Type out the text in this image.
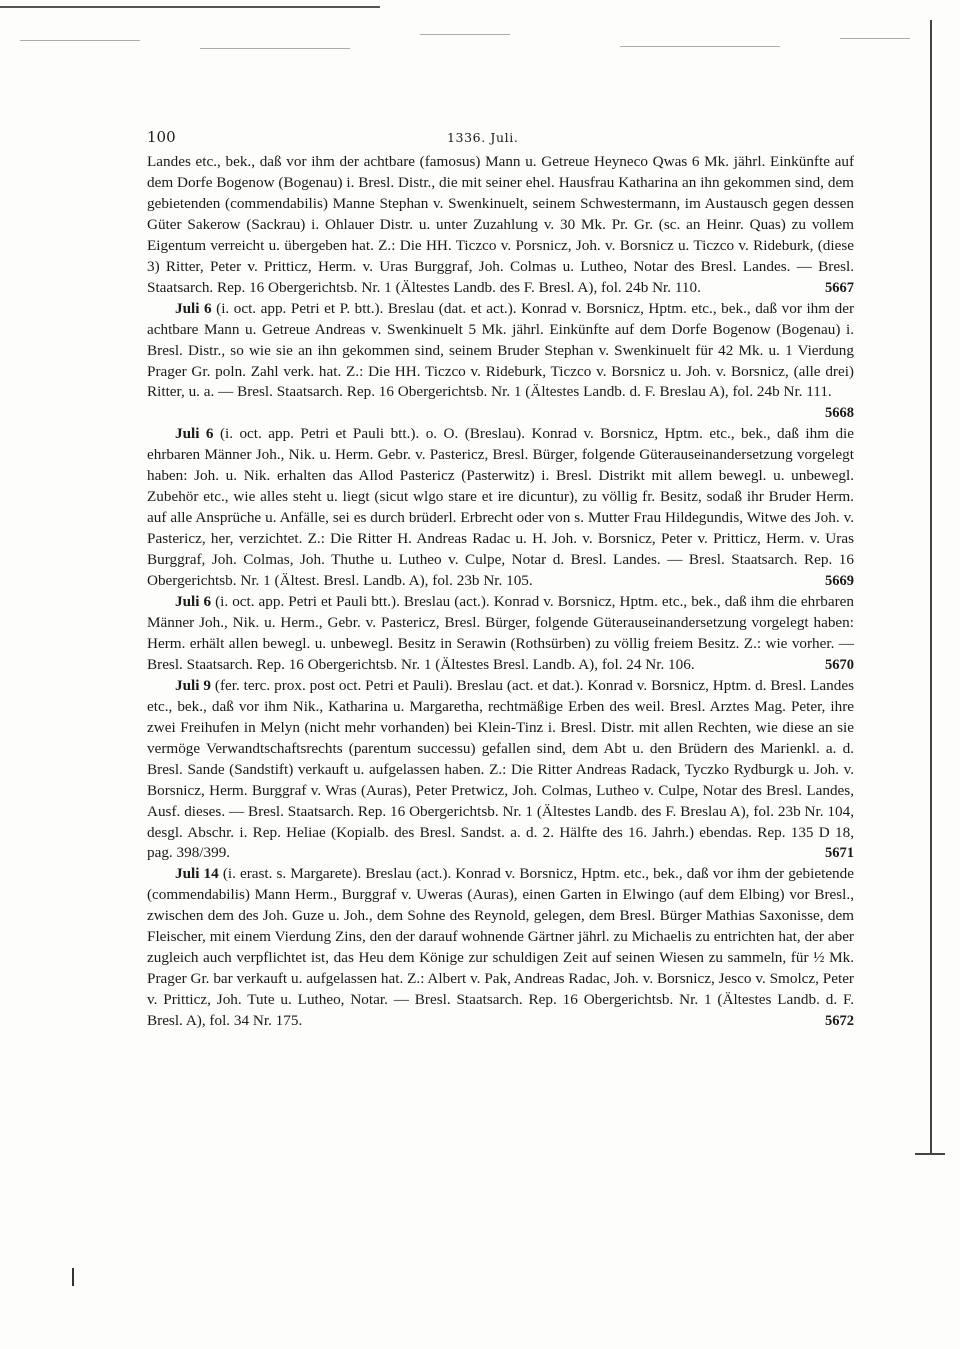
100	1336. Juli.

Landes etc., bek., daß vor ihm der achtbare (famosus) Mann u. Getreue Heyneco Qwas 6 Mk. jährl. Einkünfte auf dem Dorfe Bogenow (Bogenau) i. Bresl. Distr., die mit seiner ehel. Hausfrau Katharina an ihn gekommen sind, dem gebietenden (commendabilis) Manne Stephan v. Swenkinuelt, seinem Schwestermann, im Austausch gegen dessen Güter Sakerow (Sackrau) i. Ohlauer Distr. u. unter Zuzahlung v. 30 Mk. Pr. Gr. (sc. an Heinr. Quas) zu vollem Eigentum verreicht u. übergeben hat. Z.: Die HH. Ticzco v. Porsnicz, Joh. v. Borsnicz u. Ticzco v. Rideburk, (diese 3) Ritter, Peter v. Pritticz, Herm. v. Uras Burggraf, Joh. Colmas u. Lutheo, Notar des Bresl. Landes. — Bresl. Staatsarch. Rep. 16 Obergerichtsb. Nr. 1 (Ältestes Landb. des F. Bresl. A), fol. 24b Nr. 110.	5667

Juli 6 (i. oct. app. Petri et P. btt.). Breslau (dat. et act.). Konrad v. Borsnicz, Hptm. etc., bek., daß vor ihm der achtbare Mann u. Getreue Andreas v. Swenkinuelt 5 Mk. jährl. Einkünfte auf dem Dorfe Bogenow (Bogenau) i. Bresl. Distr., so wie sie an ihn gekommen sind, seinem Bruder Stephan v. Swenkinuelt für 42 Mk. u. 1 Vierdung Prager Gr. poln. Zahl verk. hat. Z.: Die HH. Ticzco v. Rideburk, Ticzco v. Borsnicz u. Joh. v. Borsnicz, (alle drei) Ritter, u. a. — Bresl. Staatsarch. Rep. 16 Obergerichtsb. Nr. 1 (Ältestes Landb. d. F. Breslau A), fol. 24b Nr. 111.
5668

Juli 6 (i. oct. app. Petri et Pauli btt.). o. O. (Breslau). Konrad v. Borsnicz, Hptm. etc., bek., daß ihm die ehrbaren Männer Joh., Nik. u. Herm. Gebr. v. Pastericz, Bresl. Bürger, folgende Güterauseinandersetzung vorgelegt haben: Joh. u. Nik. erhalten das Allod Pastericz (Pasterwitz) i. Bresl. Distrikt mit allem bewegl. u. unbewegl. Zubehör etc., wie alles steht u. liegt (sicut wlgo stare et ire dicuntur), zu völlig fr. Besitz, sodaß ihr Bruder Herm. auf alle Ansprüche u. Anfälle, sei es durch brüderl. Erbrecht oder von s. Mutter Frau Hildegundis, Witwe des Joh. v. Pastericz, her, verzichtet. Z.: Die Ritter H. Andreas Radac u. H. Joh. v. Borsnicz, Peter v. Pritticz, Herm. v. Uras Burggraf, Joh. Colmas, Joh. Thuthe u. Lutheo v. Culpe, Notar d. Bresl. Landes. — Bresl. Staatsarch. Rep. 16 Obergerichtsb. Nr. 1 (Ältest. Bresl. Landb. A), fol. 23b Nr. 105.	5669

Juli 6 (i. oct. app. Petri et Pauli btt.). Breslau (act.). Konrad v. Borsnicz, Hptm. etc., bek., daß ihm die ehrbaren Männer Joh., Nik. u. Herm., Gebr. v. Pastericz, Bresl. Bürger, folgende Güterauseinandersetzung vorgelegt haben: Herm. erhält allen bewegl. u. unbewegl. Besitz in Serawin (Rothsürben) zu völlig freiem Besitz. Z.: wie vorher. — Bresl. Staatsarch. Rep. 16 Obergerichtsb. Nr. 1 (Ältestes Bresl. Landb. A), fol. 24 Nr. 106.	5670

Juli 9 (fer. terc. prox. post oct. Petri et Pauli). Breslau (act. et dat.). Konrad v. Borsnicz, Hptm. d. Bresl. Landes etc., bek., daß vor ihm Nik., Katharina u. Margaretha, rechtmäßige Erben des weil. Bresl. Arztes Mag. Peter, ihre zwei Freihufen in Melyn (nicht mehr vorhanden) bei Klein-Tinz i. Bresl. Distr. mit allen Rechten, wie diese an sie vermöge Verwandtschaftsrechts (parentum successu) gefallen sind, dem Abt u. den Brüdern des Marienkl. a. d. Bresl. Sande (Sandstift) verkauft u. aufgelassen haben. Z.: Die Ritter Andreas Radack, Tyczko Rydburgk u. Joh. v. Borsnicz, Herm. Burggraf v. Wras (Auras), Peter Pretwicz, Joh. Colmas, Lutheo v. Culpe, Notar des Bresl. Landes, Ausf. dieses. — Bresl. Staatsarch. Rep. 16 Obergerichtsb. Nr. 1 (Ältestes Landb. des F. Breslau A), fol. 23b Nr. 104, desgl. Abschr. i. Rep. Heliae (Kopialb. des Bresl. Sandst. a. d. 2. Hälfte des 16. Jahrh.) ebendas. Rep. 135 D 18, pag. 398/399.	5671

Juli 14 (i. erast. s. Margarete). Breslau (act.). Konrad v. Borsnicz, Hptm. etc., bek., daß vor ihm der gebietende (commendabilis) Mann Herm., Burggraf v. Uweras (Auras), einen Garten in Elwingo (auf dem Elbing) vor Bresl., zwischen dem des Joh. Guze u. Joh., dem Sohne des Reynold, gelegen, dem Bresl. Bürger Mathias Saxonisse, dem Fleischer, mit einem Vierdung Zins, den der darauf wohnende Gärtner jährl. zu Michaelis zu entrichten hat, der aber zugleich auch verpflichtet ist, das Heu dem Könige zur schuldigen Zeit auf seinen Wiesen zu sammeln, für ½ Mk. Prager Gr. bar verkauft u. aufgelassen hat. Z.: Albert v. Pak, Andreas Radac, Joh. v. Borsnicz, Jesco v. Smolcz, Peter v. Pritticz, Joh. Tute u. Lutheo, Notar. — Bresl. Staatsarch. Rep. 16 Obergerichtsb. Nr. 1 (Ältestes Landb. d. F. Bresl. A), fol. 34 Nr. 175.	5672
